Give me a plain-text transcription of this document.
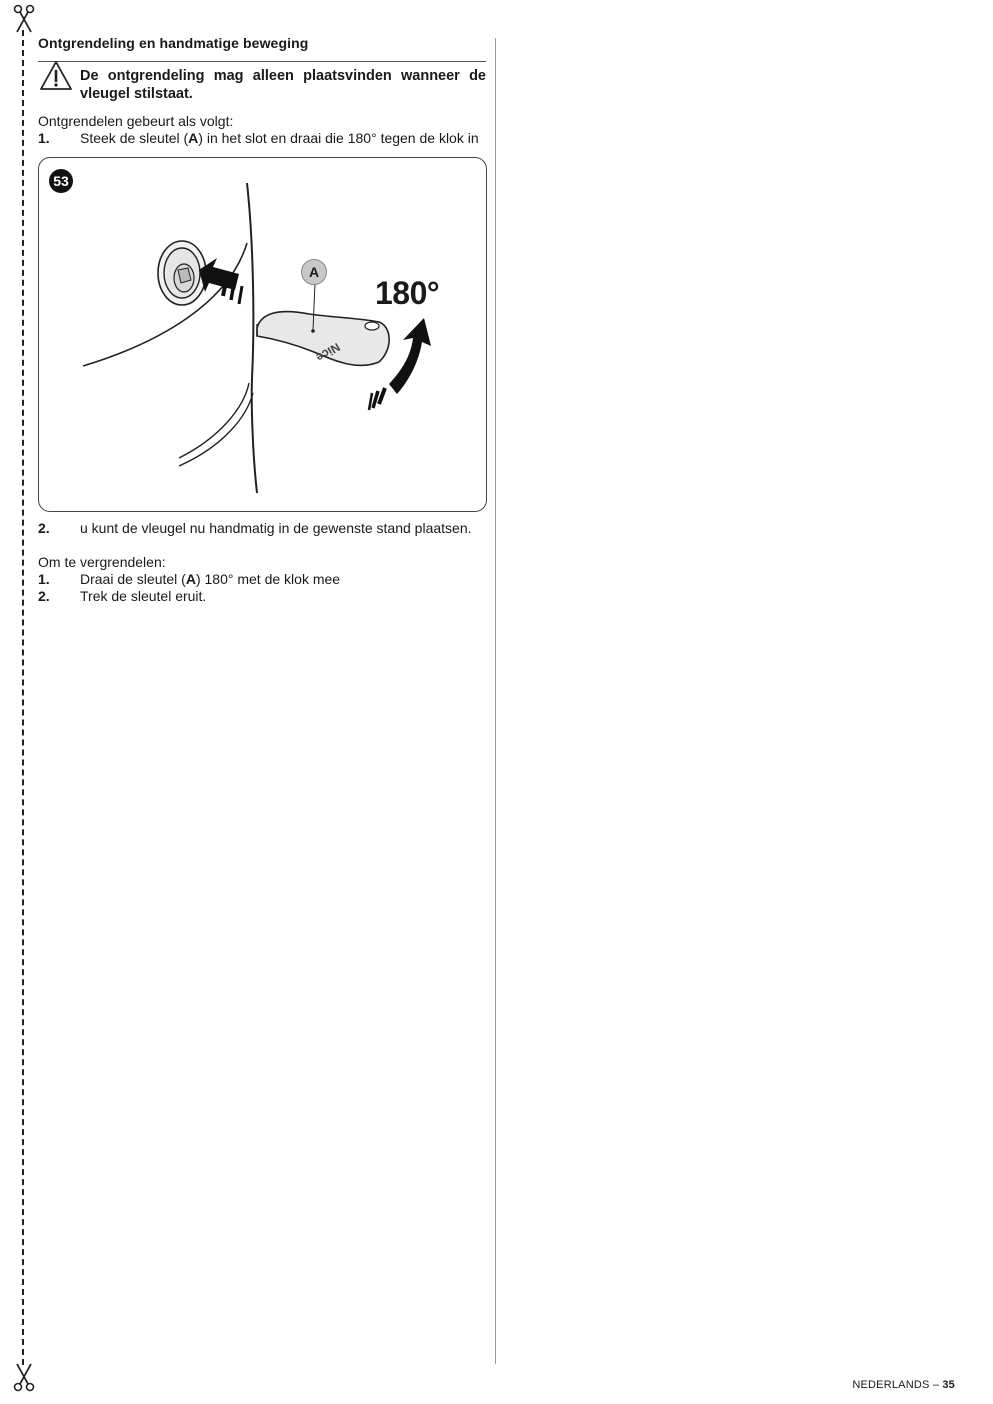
Ontgrendeling en handmatige beweging
De ontgrendeling mag alleen plaatsvinden wanneer de vleugel stilstaat.
Ontgrendelen gebeurt als volgt:
1. Steek de sleutel (A) in het slot en draai die 180° tegen de klok in
Nice
53
A
180°
2. u kunt de vleugel nu handmatig in de gewenste stand plaatsen.
Om te vergrendelen:
1. Draai de sleutel (A) 180° met de klok mee
2. Trek de sleutel eruit.
NEDERLANDS – 35
